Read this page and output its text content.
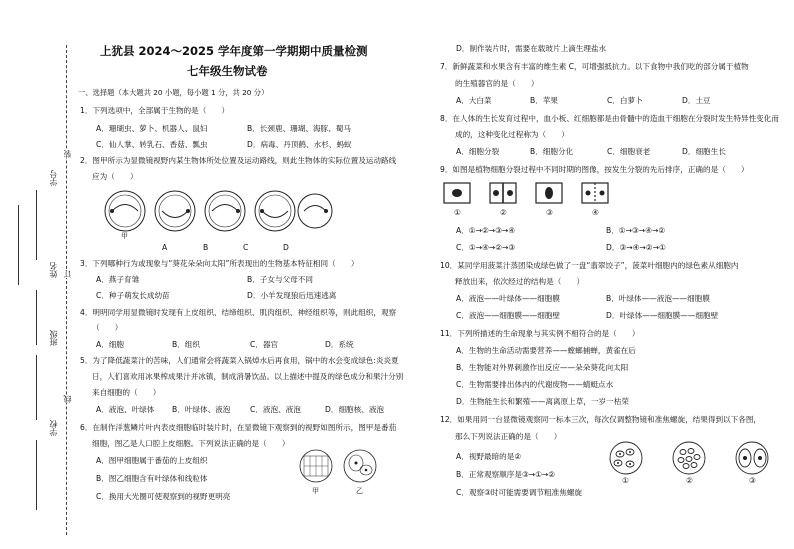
学号
姓名
班级
学校
装
订
线
上犹县 2024～2025 学年度第一学期期中质量检测
七年级生物试卷
一、选择题（本大题共 20 小题，每小题 1 分，共 20 分）
1．下列选项中，全部属于生物的是（　　）
A．珊瑚虫、萝卜、机器人、鼠妇	B．长颈鹿、珊瑚、海豚、蜀马
C．仙人掌、转乳石、香菇、瓢虫	D．病毒、丹顶鹤、水杉、蚂蚁
2．图甲所示为显微镜视野内某生物体所处位置及运动路线，则此生物体的实际位置及运动路线
应为（　　）
甲
A	B	C	D
3．下列哪种行为或现象与“葵花朵朵向太阳”所表现出的生物基本特征相同（　　）
A．燕子育雏	B．子女与父母不同
C．种子萌发长成幼苗	D．小羊发现狼后迅速逃离
4．明明同学用显微镜时发现有上皮组织、结缔组织、肌肉组织、神经组织等，则此组织，观察
（　　）
A．细胞	B．组织	C．器官	D．系统
5．为了降低蔬菜汁的苦味，人们通常会将蔬菜入锅焯水后再食用，锅中的水会变成绿色:炎炎夏
日，人们喜欢用冰果榨成果汁并冰镇，制成消暑饮品。以上描述中提及的绿色成分和果汁分别
来自细胞的（　　）
A．液泡、叶绿体 B．叶绿体、液泡	C．液泡、液泡	D．细胞核、液泡
6．在制作洋葱鳞片叶内表皮细胞临时装片时，在显微镜下观察到的视野如图所示，图甲是番茄
细胞，图乙是人口腔上皮细胞。下列说法正确的是（　　）
A．图甲细胞属于番茄的上皮组织
B．图乙细胞含有叶绿体和线粒体
C．换用大光圈可使观察到的视野更明亮
甲	乙
D．制作装片时，需要在载玻片上滴生理盐水
7．新鲜蔬菜和水果含有丰富的维生素 C，可增强抵抗力。以下食物中我们吃的部分属于植物
的生殖器官的是（　　）
A．大白菜	B．苹果	C．白萝卜	D．土豆
8．在人体的生长发育过程中，血小板、红细胞都是由骨髓中的造血干细胞在分裂时发生特异性变化而
成的，这种变化过程称为（　　）
A．细胞分裂	B．细胞分化	C．细胞衰老	D．细胞生长
9．如图是植物细胞分裂过程中不同时期的图像，按发生分裂的先后排序，正确的是（　　）
①	②	③	④
A．①→②→③→④	B．①→③→④→②
C．①→④→②→③	D．③→④→②→①
10．某同学用菠菜汁蒸团染成绿色做了一盘“翡翠饺子”，菠菜叶细胞内的绿色素从细胞内
释放出来，依次经过的结构是（　　）
A．液泡——叶绿体——细胞膜	B．叶绿体——液泡——细胞膜
C．液泡——细胞膜——细胞壁	D．叶绿体——细胞膜——细胞壁
11．下列所描述的生命现象与其实例不相符合的是（　　）
A．生物的生命活动需要营养——螳螂捕蝉，黄雀在后
B．生物能对外界刺激作出反应——朵朵葵花向太阳
C．生物需要排出体内的代谢废物——蜻蜓点水
D．生物能生长和繁殖——离离原上草，一岁一枯荣
12．如果用同一台显微镜观察同一标本三次，每次仅调整物镜和准焦螺旋，结果得到以下各图，
那么下列说法正确的是（　　）
①	②	③
A．视野最暗的是②
B．正常观察顺序是③→①→②
C．观察③时可能需要调节粗准焦螺旋
